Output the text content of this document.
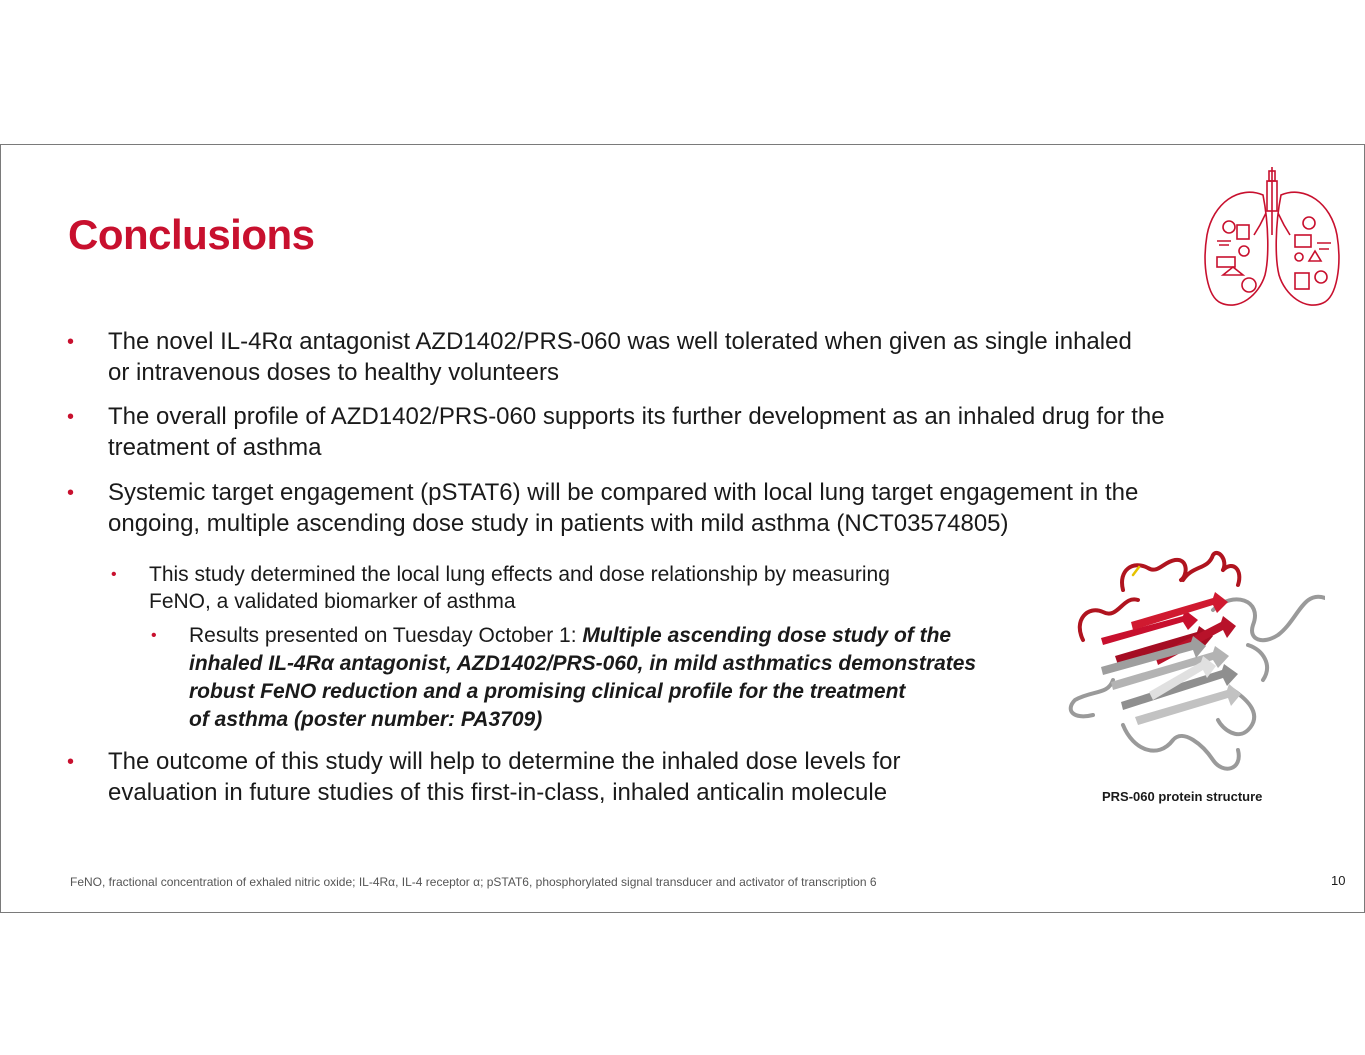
Conclusions
• The novel IL-4Rα antagonist AZD1402/PRS-060 was well tolerated when given as single inhaled
or intravenous doses to healthy volunteers
• The overall profile of AZD1402/PRS-060 supports its further development as an inhaled drug for the
treatment of asthma
• Systemic target engagement (pSTAT6) will be compared with local lung target engagement in the
ongoing, multiple ascending dose study in patients with mild asthma (NCT03574805)
• This study determined the local lung effects and dose relationship by measuring
FeNO, a validated biomarker of asthma
• Results presented on Tuesday October 1: Multiple ascending dose study of the
inhaled IL-4Rα antagonist, AZD1402/PRS-060, in mild asthmatics demonstrates
robust FeNO reduction and a promising clinical profile for the treatment
of asthma (poster number: PA3709)
• The outcome of this study will help to determine the inhaled dose levels for
evaluation in future studies of this first-in-class, inhaled anticalin molecule	PRS-060 protein structure
FeNO, fractional concentration of exhaled nitric oxide; IL-4Rα, IL-4 receptor α; pSTAT6, phosphorylated signal transducer and activator of transcription 6	10
